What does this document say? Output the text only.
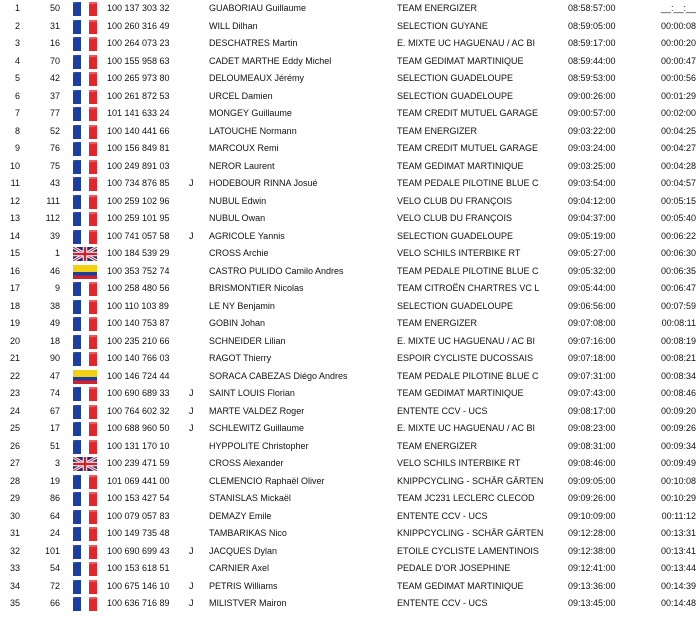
1	50	100 137 303 32	GUABORIAU Guillaume	TEAM ENERGIZER	08:58:57:00	__:__:__
2	31	100 260 316 49	WILL Dilhan	SELECTION GUYANE	08:59:05:00	00:00:08
3	16	100 264 073 23	DESCHATRES Martin	E. MIXTE UC HAGUENAU / AC BI	08:59:17:00	00:00:20
4	70	100 155 958 63	CADET MARTHE Eddy Michel	TEAM GEDIMAT MARTINIQUE	08:59:44:00	00:00:47
5	42	100 265 973 80	DELOUMEAUX Jérémy	SELECTION GUADELOUPE	08:59:53:00	00:00:56
6	37	100 261 872 53	URCEL Damien	SELECTION GUADELOUPE	09:00:26:00	00:01:29
7	77	101 141 633 24	MONGEY Guillaume	TEAM CREDIT MUTUEL GARAGE	09:00:57:00	00:02:00
8	52	100 140 441 66	LATOUCHE Normann	TEAM ENERGIZER	09:03:22:00	00:04:25
9	76	100 156 849 81	MARCOUX Remi	TEAM CREDIT MUTUEL GARAGE	09:03:24:00	00:04:27
10	75	100 249 891 03	NEROR Laurent	TEAM GEDIMAT MARTINIQUE	09:03:25:00	00:04:28
11	43	100 734 876 85	J	HODEBOUR RINNA Josué	TEAM PEDALE PILOTINE BLUE C	09:03:54:00	00:04:57
12	111	100 259 102 96	NUBUL Edwin	VELO CLUB DU FRANÇOIS	09:04:12:00	00:05:15
13	112	100 259 101 95	NUBUL Owan	VELO CLUB DU FRANÇOIS	09:04:37:00	00:05:40
14	39	100 741 057 58	J	AGRICOLE Yannis	SELECTION GUADELOUPE	09:05:19:00	00:06:22
15	1	100 184 539 29	CROSS Archie	VELO SCHILS INTERBIKE RT	09:05:27:00	00:06:30
16	46	100 353 752 74	CASTRO PULIDO Camilo Andres	TEAM PEDALE PILOTINE BLUE C	09:05:32:00	00:06:35
17	9	100 258 480 56	BRISMONTIER Nicolas	TEAM CITROËN CHARTRES VC L	09:05:44:00	00:06:47
18	38	100 110 103 89	LE NY Benjamin	SELECTION GUADELOUPE	09:06:56:00	00:07:59
19	49	100 140 753 87	GOBIN Johan	TEAM ENERGIZER	09:07:08:00	00:08:11
20	18	100 235 210 66	SCHNEIDER Lilian	E. MIXTE UC HAGUENAU / AC BI	09:07:16:00	00:08:19
21	90	100 140 766 03	RAGOT Thierry	ESPOIR CYCLISTE DUCOSSAIS	09:07:18:00	00:08:21
22	47	100 146 724 44	SORACA CABEZAS Diégo Andres	TEAM PEDALE PILOTINE BLUE C	09:07:31:00	00:08:34
23	74	100 690 689 33	J	SAINT LOUIS Florian	TEAM GEDIMAT MARTINIQUE	09:07:43:00	00:08:46
24	67	100 764 602 32	J	MARTE VALDEZ Roger	ENTENTE CCV - UCS	09:08:17:00	00:09:20
25	17	100 688 960 50	J	SCHLEWITZ Guillaume	E. MIXTE UC HAGUENAU / AC BI	09:08:23:00	00:09:26
26	51	100 131 170 10	HYPPOLITE Christopher	TEAM ENERGIZER	09:08:31:00	00:09:34
27	3	100 239 471 59	CROSS Alexander	VELO SCHILS INTERBIKE RT	09:08:46:00	00:09:49
28	19	101 069 441 00	CLEMENCIO Raphaël Oliver	KNIPPCYCLING - SCHÄR GÄRTEN	09:09:05:00	00:10:08
29	86	100 153 427 54	STANISLAS Mickaël	TEAM JC231 LECLERC CLECOD	09:09:26:00	00:10:29
30	64	100 079 057 83	DEMAZY Emile	ENTENTE CCV - UCS	09:10:09:00	00:11:12
31	24	100 149 735 48	TAMBARIKAS Nico	KNIPPCYCLING - SCHÄR GÄRTEN	09:12:28:00	00:13:31
32	101	100 690 699 43	J	JACQUES Dylan	ETOILE CYCLISTE LAMENTINOIS	09:12:38:00	00:13:41
33	54	100 153 618 51	CARNIER Axel	PEDALE D'OR JOSEPHINE	09:12:41:00	00:13:44
34	72	100 675 146 10	J	PETRIS Williams	TEAM GEDIMAT MARTINIQUE	09:13:36:00	00:14:39
35	66	100 636 716 89	J	MILISTVER Mairon	ENTENTE CCV - UCS	09:13:45:00	00:14:48
